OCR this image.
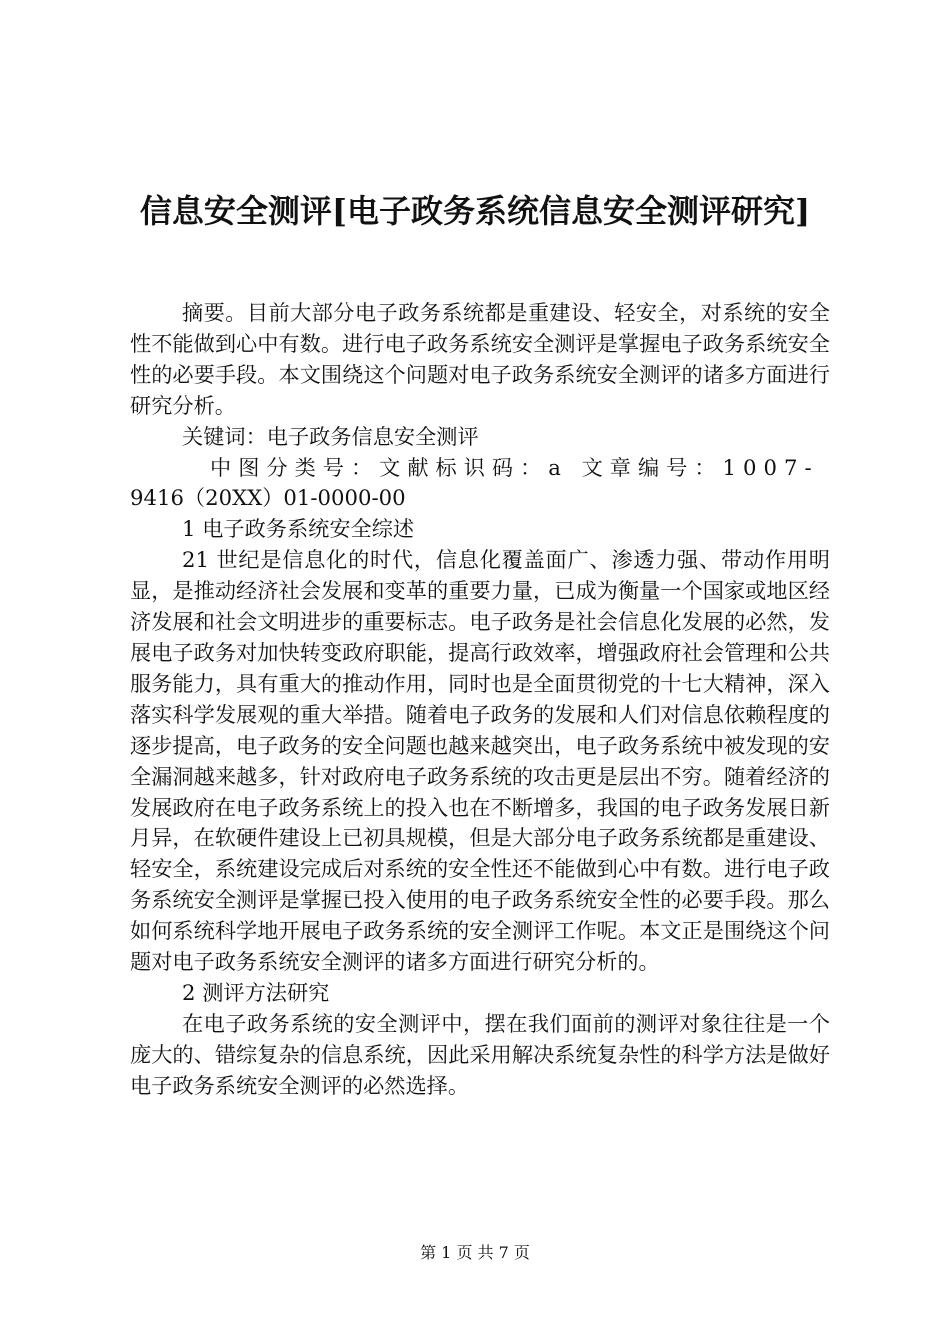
信息安全测评[电子政务系统信息安全测评研究]

摘要。目前大部分电子政务系统都是重建设、轻安全，对系统的安全性不能做到心中有数。进行电子政务系统安全测评是掌握电子政务系统安全性的必要手段。本文围绕这个问题对电子政务系统安全测评的诸多方面进行研究分析。

关键词：电子政务信息安全测评

中图分类号：文献标识码：a 文章编号：1007-

9416（20XX）01-0000-00

1 电子政务系统安全综述

21 世纪是信息化的时代，信息化覆盖面广、渗透力强、带动作用明显，是推动经济社会发展和变革的重要力量，已成为衡量一个国家或地区经济发展和社会文明进步的重要标志。电子政务是社会信息化发展的必然，发展电子政务对加快转变政府职能，提高行政效率，增强政府社会管理和公共服务能力，具有重大的推动作用，同时也是全面贯彻党的十七大精神，深入落实科学发展观的重大举措。随着电子政务的发展和人们对信息依赖程度的逐步提高，电子政务的安全问题也越来越突出，电子政务系统中被发现的安全漏洞越来越多，针对政府电子政务系统的攻击更是层出不穷。随着经济的发展政府在电子政务系统上的投入也在不断增多，我国的电子政务发展日新月异，在软硬件建设上已初具规模，但是大部分电子政务系统都是重建设、轻安全，系统建设完成后对系统的安全性还不能做到心中有数。进行电子政务系统安全测评是掌握已投入使用的电子政务系统安全性的必要手段。那么如何系统科学地开展电子政务系统的安全测评工作呢。本文正是围绕这个问题对电子政务系统安全测评的诸多方面进行研究分析的。

2 测评方法研究

在电子政务系统的安全测评中，摆在我们面前的测评对象往往是一个庞大的、错综复杂的信息系统，因此采用解决系统复杂性的科学方法是做好电子政务系统安全测评的必然选择。

第 1 页 共 7 页
